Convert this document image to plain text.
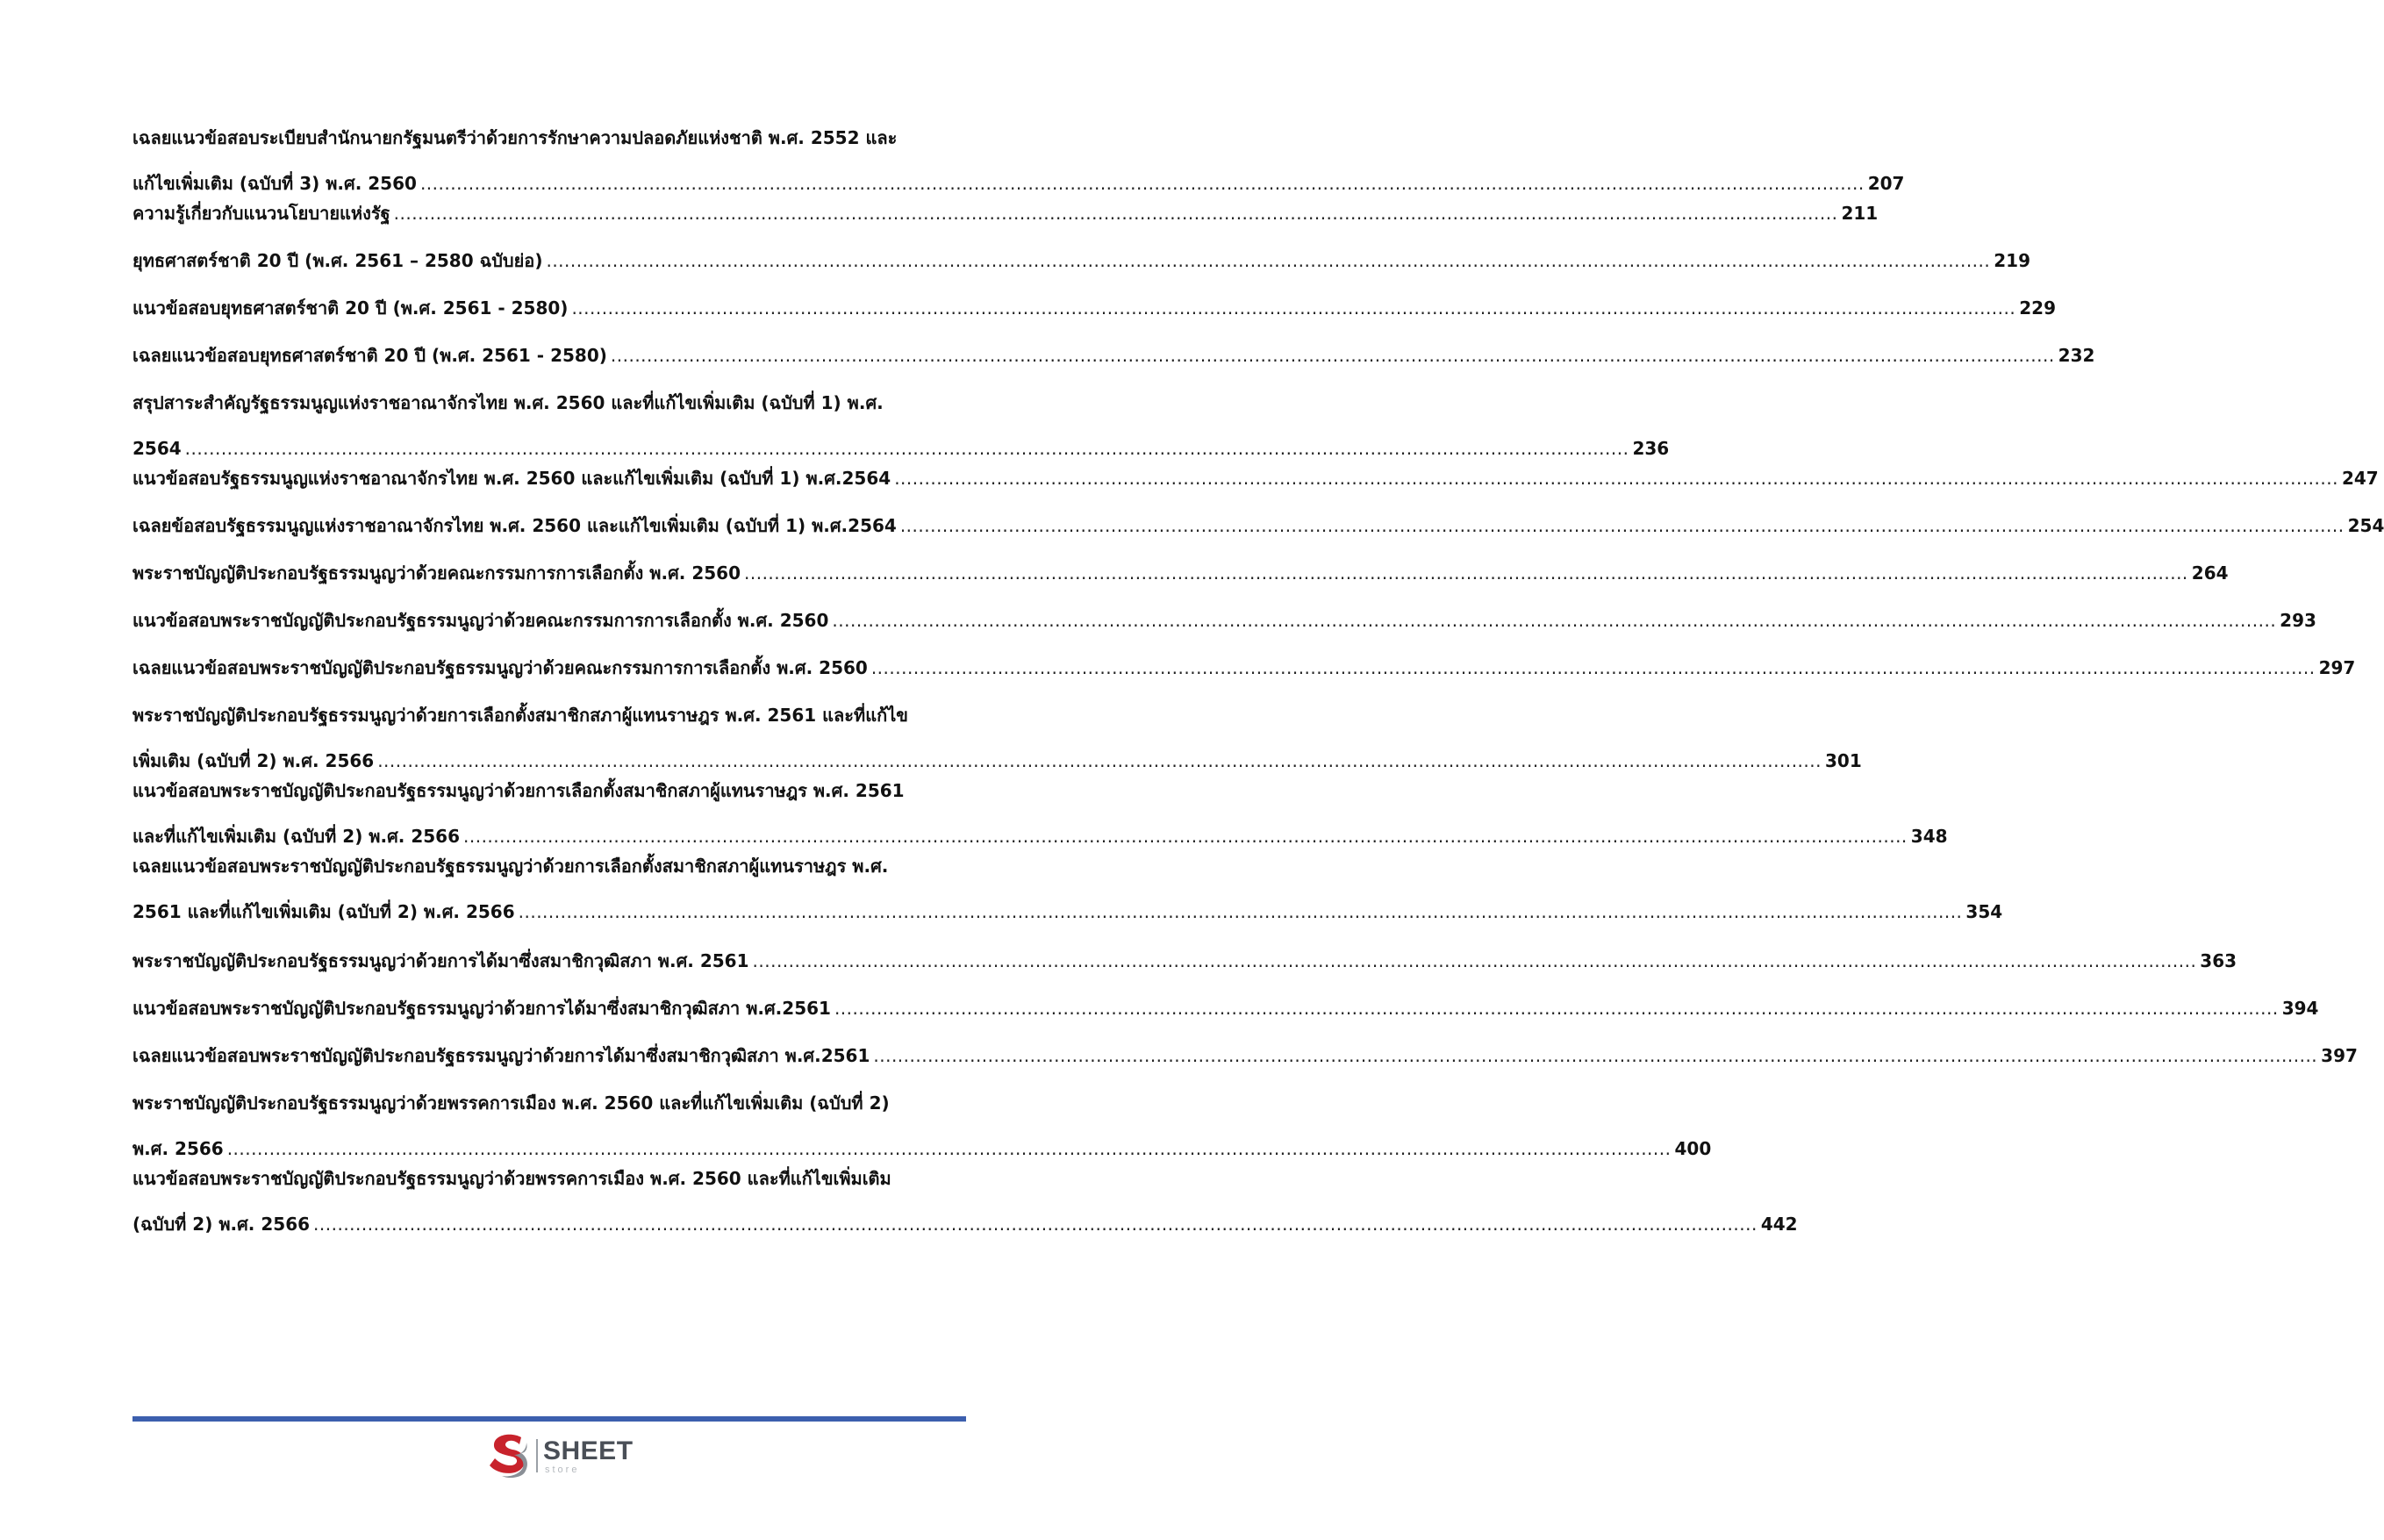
เฉลยแนวข้อสอบระเบียบสำนักนายกรัฐมนตรีว่าด้วยการรักษาความปลอดภัยแห่งชาติ พ.ศ. 2552 และ
แก้ไขเพิ่มเติม (ฉบับที่ 3) พ.ศ. 2560 .....	207
ความรู้เกี่ยวกับแนวนโยบายแห่งรัฐ .....	211
ยุทธศาสตร์ชาติ 20 ปี (พ.ศ. 2561 – 2580 ฉบับย่อ) .....	219
แนวข้อสอบยุทธศาสตร์ชาติ 20 ปี (พ.ศ. 2561 - 2580) .....	229
เฉลยแนวข้อสอบยุทธศาสตร์ชาติ 20 ปี (พ.ศ. 2561 - 2580) .....	232
สรุปสาระสำคัญรัฐธรรมนูญแห่งราชอาณาจักรไทย พ.ศ. 2560 และที่แก้ไขเพิ่มเติม (ฉบับที่ 1) พ.ศ.
2564 .....	236
แนวข้อสอบรัฐธรรมนูญแห่งราชอาณาจักรไทย พ.ศ. 2560 และแก้ไขเพิ่มเติม (ฉบับที่ 1) พ.ศ.2564 .....	247
เฉลยข้อสอบรัฐธรรมนูญแห่งราชอาณาจักรไทย พ.ศ. 2560 และแก้ไขเพิ่มเติม (ฉบับที่ 1) พ.ศ.2564 .....	254
พระราชบัญญัติประกอบรัฐธรรมนูญว่าด้วยคณะกรรมการการเลือกตั้ง พ.ศ. 2560 .....	264
แนวข้อสอบพระราชบัญญัติประกอบรัฐธรรมนูญว่าด้วยคณะกรรมการการเลือกตั้ง พ.ศ. 2560 .....	293
เฉลยแนวข้อสอบพระราชบัญญัติประกอบรัฐธรรมนูญว่าด้วยคณะกรรมการการเลือกตั้ง พ.ศ. 2560 .....	297
พระราชบัญญัติประกอบรัฐธรรมนูญว่าด้วยการเลือกตั้งสมาชิกสภาผู้แทนราษฎร พ.ศ. 2561 และที่แก้ไข
เพิ่มเติม (ฉบับที่ 2) พ.ศ. 2566 .....	301
แนวข้อสอบพระราชบัญญัติประกอบรัฐธรรมนูญว่าด้วยการเลือกตั้งสมาชิกสภาผู้แทนราษฎร พ.ศ. 2561
และที่แก้ไขเพิ่มเติม (ฉบับที่ 2) พ.ศ. 2566 .....	348
เฉลยแนวข้อสอบพระราชบัญญัติประกอบรัฐธรรมนูญว่าด้วยการเลือกตั้งสมาชิกสภาผู้แทนราษฎร พ.ศ.
2561 และที่แก้ไขเพิ่มเติม (ฉบับที่ 2) พ.ศ. 2566 .....	354
พระราชบัญญัติประกอบรัฐธรรมนูญว่าด้วยการได้มาซึ่งสมาชิกวุฒิสภา พ.ศ. 2561 .....	363
แนวข้อสอบพระราชบัญญัติประกอบรัฐธรรมนูญว่าด้วยการได้มาซึ่งสมาชิกวุฒิสภา พ.ศ.2561 .....	394
เฉลยแนวข้อสอบพระราชบัญญัติประกอบรัฐธรรมนูญว่าด้วยการได้มาซึ่งสมาชิกวุฒิสภา พ.ศ.2561 .....	397
พระราชบัญญัติประกอบรัฐธรรมนูญว่าด้วยพรรคการเมือง พ.ศ. 2560 และที่แก้ไขเพิ่มเติม (ฉบับที่ 2)
พ.ศ. 2566 .....	400
แนวข้อสอบพระราชบัญญัติประกอบรัฐธรรมนูญว่าด้วยพรรคการเมือง พ.ศ. 2560 และที่แก้ไขเพิ่มเติม
(ฉบับที่ 2) พ.ศ. 2566 .....	442
SHEET
store
